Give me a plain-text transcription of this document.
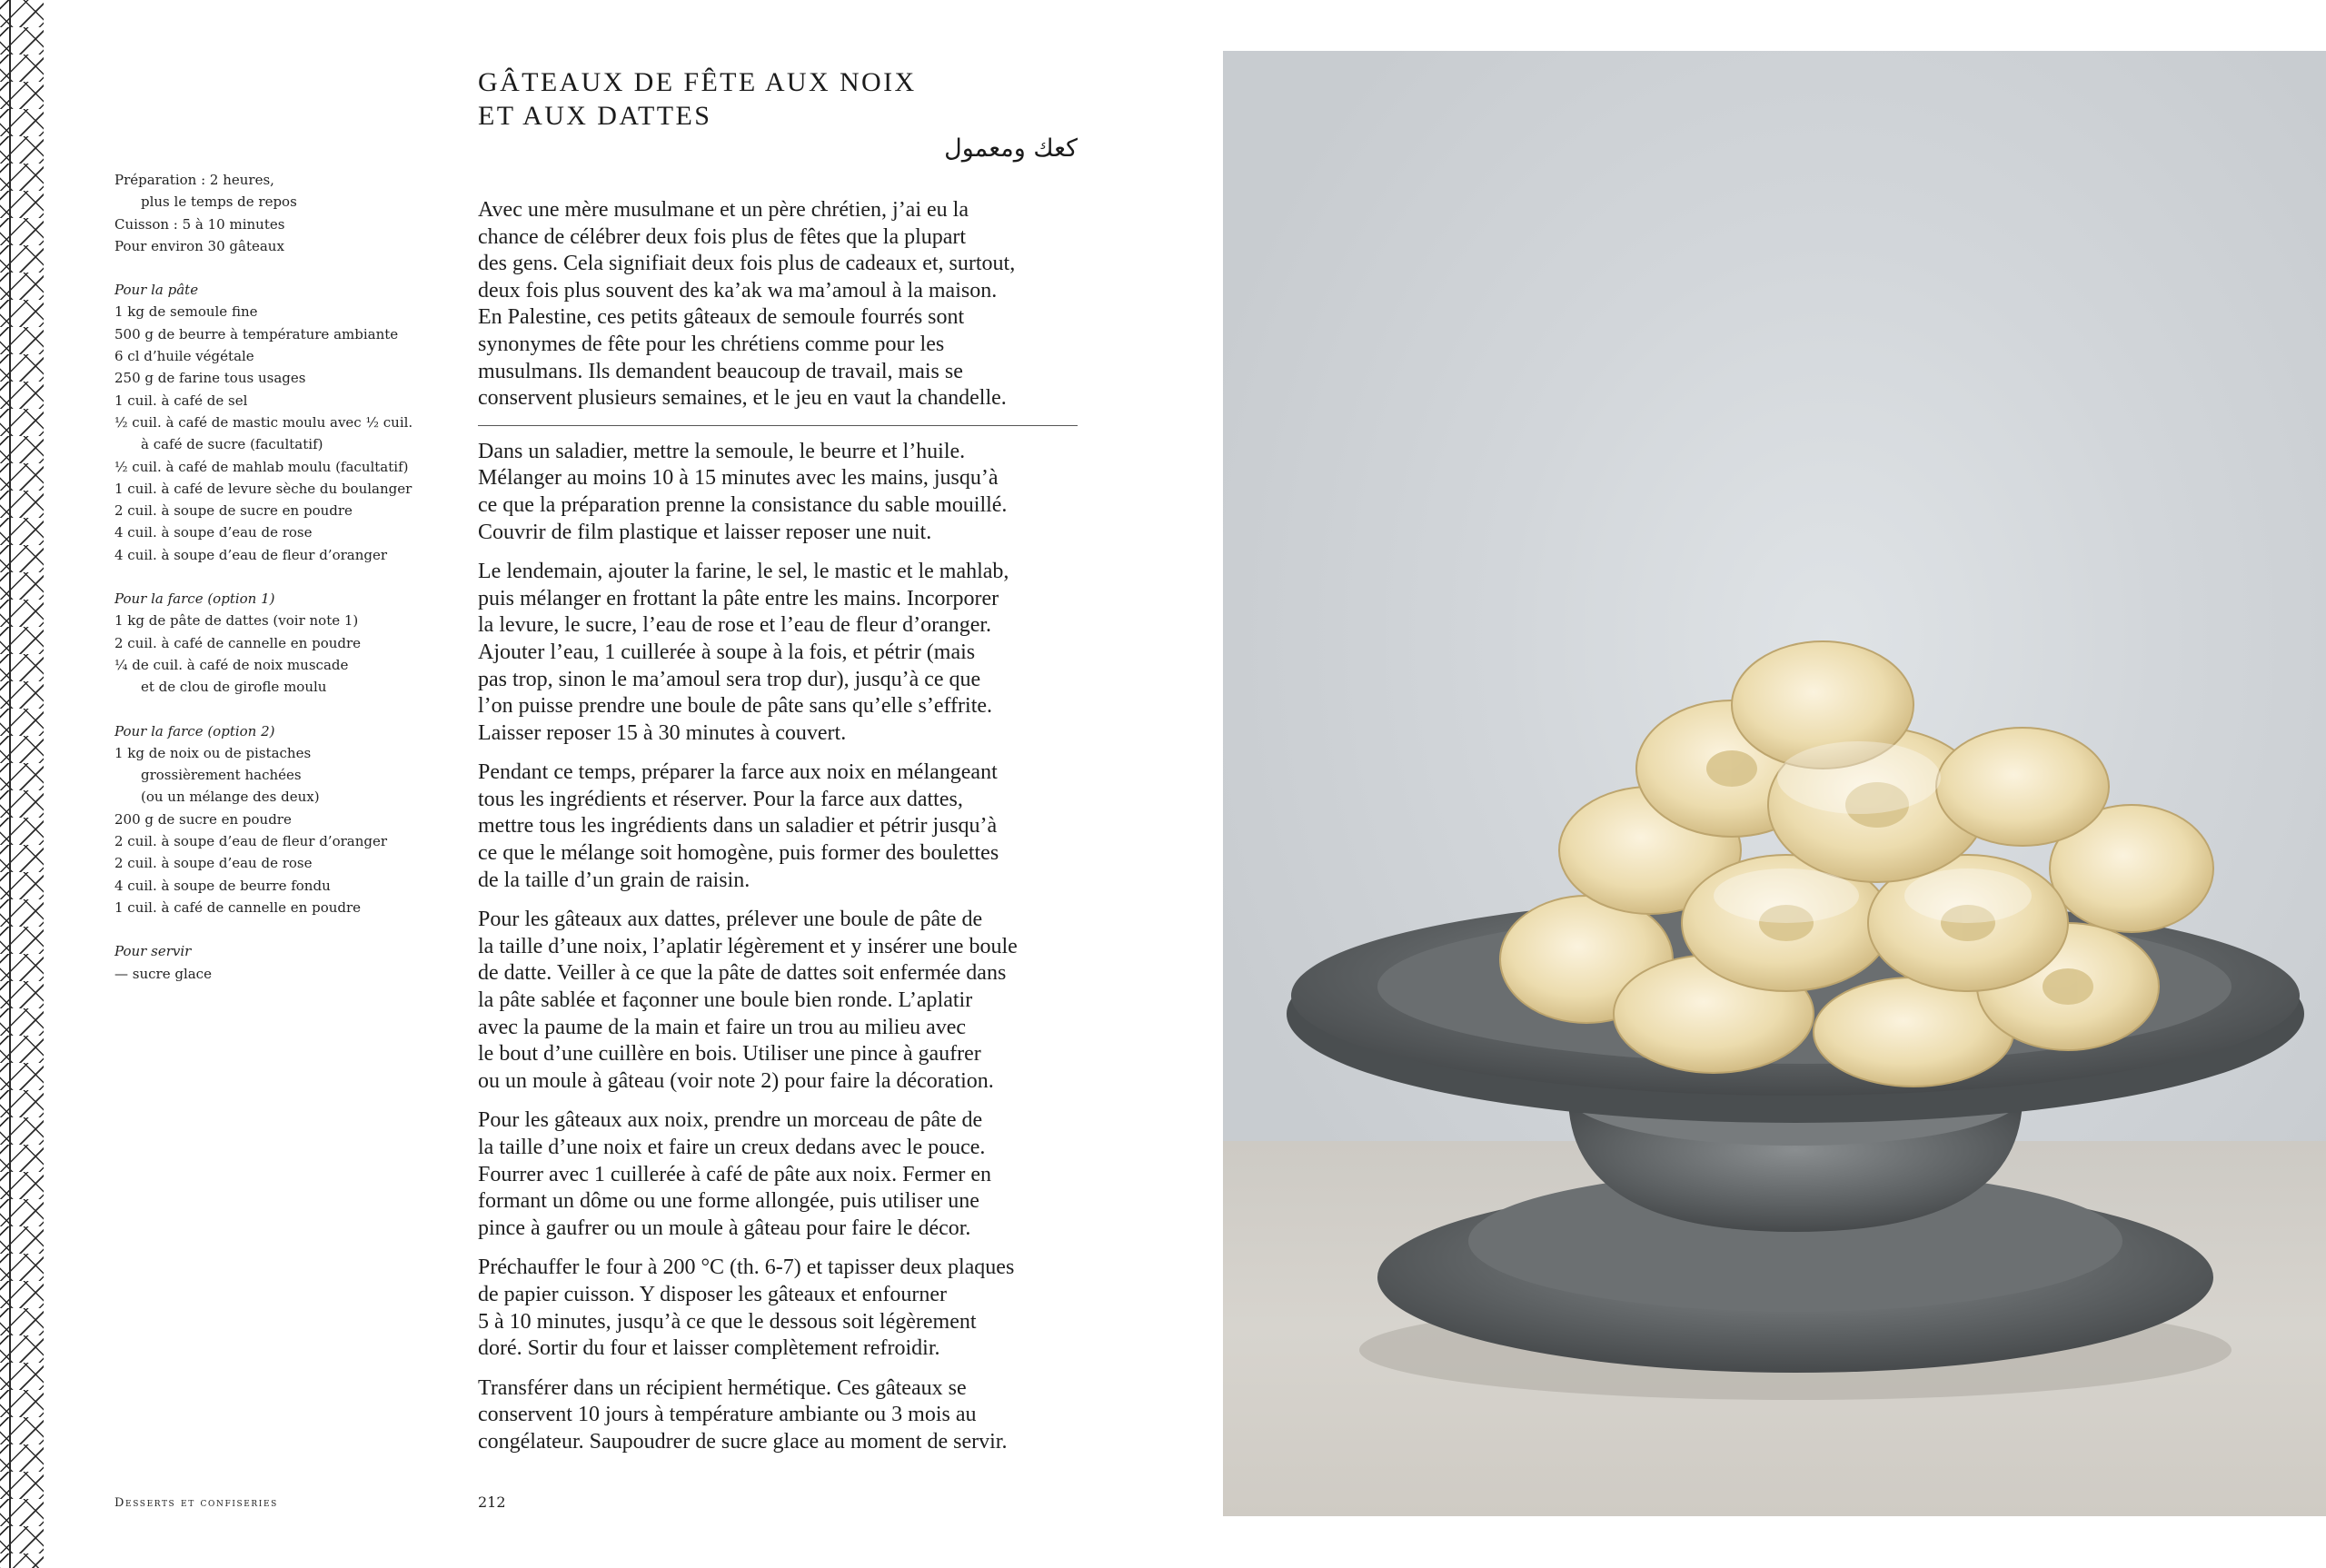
Préparation : 2 heures,
plus le temps de repos
Cuisson : 5 à 10 minutes
Pour environ 30 gâteaux
Pour la pâte
1 kg de semoule fine
500 g de beurre à température ambiante
6 cl d’huile végétale
250 g de farine tous usages
1 cuil. à café de sel
½ cuil. à café de mastic moulu avec ½ cuil.
à café de sucre (facultatif)
½ cuil. à café de mahlab moulu (facultatif)
1 cuil. à café de levure sèche du boulanger
2 cuil. à soupe de sucre en poudre
4 cuil. à soupe d’eau de rose
4 cuil. à soupe d’eau de fleur d’oranger
Pour la farce (option 1)
1 kg de pâte de dattes (voir note 1)
2 cuil. à café de cannelle en poudre
¼ de cuil. à café de noix muscade
et de clou de girofle moulu
Pour la farce (option 2)
1 kg de noix ou de pistaches
grossièrement hachées
(ou un mélange des deux)
200 g de sucre en poudre
2 cuil. à soupe d’eau de fleur d’oranger
2 cuil. à soupe d’eau de rose
4 cuil. à soupe de beurre fondu
1 cuil. à café de cannelle en poudre
Pour servir
— sucre glace
GÂTEAUX DE FÊTE AUX NOIX
ET AUX DATTES
كعك ومعمول

Avec une mère musulmane et un père chrétien, j’ai eu la
chance de célébrer deux fois plus de fêtes que la plupart
des gens. Cela signifiait deux fois plus de cadeaux et, surtout,
deux fois plus souvent des ka’ak wa ma’amoul à la maison.
En Palestine, ces petits gâteaux de semoule fourrés sont
synonymes de fête pour les chrétiens comme pour les
musulmans. Ils demandent beaucoup de travail, mais se
conservent plusieurs semaines, et le jeu en vaut la chandelle.

Dans un saladier, mettre la semoule, le beurre et l’huile.
Mélanger au moins 10 à 15 minutes avec les mains, jusqu’à
ce que la préparation prenne la consistance du sable mouillé.
Couvrir de film plastique et laisser reposer une nuit.

Le lendemain, ajouter la farine, le sel, le mastic et le mahlab,
puis mélanger en frottant la pâte entre les mains. Incorporer
la levure, le sucre, l’eau de rose et l’eau de fleur d’oranger.
Ajouter l’eau, 1 cuillerée à soupe à la fois, et pétrir (mais
pas trop, sinon le ma’amoul sera trop dur), jusqu’à ce que
l’on puisse prendre une boule de pâte sans qu’elle s’effrite.
Laisser reposer 15 à 30 minutes à couvert.

Pendant ce temps, préparer la farce aux noix en mélangeant
tous les ingrédients et réserver. Pour la farce aux dattes,
mettre tous les ingrédients dans un saladier et pétrir jusqu’à
ce que le mélange soit homogène, puis former des boulettes
de la taille d’un grain de raisin.

Pour les gâteaux aux dattes, prélever une boule de pâte de
la taille d’une noix, l’aplatir légèrement et y insérer une boule
de datte. Veiller à ce que la pâte de dattes soit enfermée dans
la pâte sablée et façonner une boule bien ronde. L’aplatir
avec la paume de la main et faire un trou au milieu avec
le bout d’une cuillère en bois. Utiliser une pince à gaufrer
ou un moule à gâteau (voir note 2) pour faire la décoration.

Pour les gâteaux aux noix, prendre un morceau de pâte de
la taille d’une noix et faire un creux dedans avec le pouce.
Fourrer avec 1 cuillerée à café de pâte aux noix. Fermer en
formant un dôme ou une forme allongée, puis utiliser une
pince à gaufrer ou un moule à gâteau pour faire le décor.

Préchauffer le four à 200 °C (th. 6-7) et tapisser deux plaques
de papier cuisson. Y disposer les gâteaux et enfourner
5 à 10 minutes, jusqu’à ce que le dessous soit légèrement
doré. Sortir du four et laisser complètement refroidir.

Transférer dans un récipient hermétique. Ces gâteaux se
conservent 10 jours à température ambiante ou 3 mois au
congélateur. Saupoudrer de sucre glace au moment de servir.

Desserts et confiseries	212
